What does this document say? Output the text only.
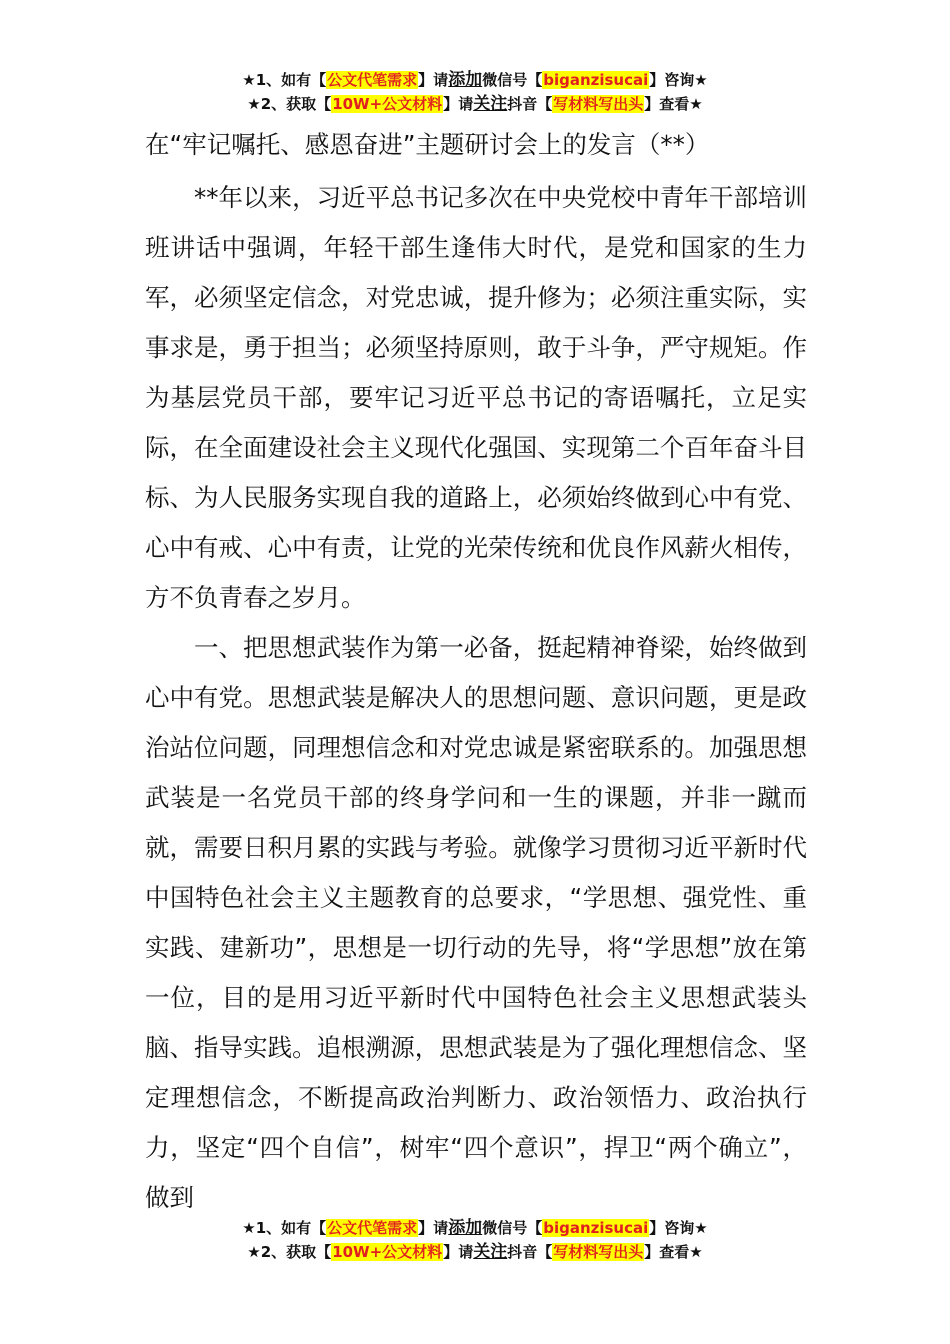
★1、如有【公文代笔需求】请添加微信号【biganzisucai】咨询★
★2、获取【10W+公文材料】请关注抖音【写材料写出头】查看★
在“牢记嘱托、感恩奋进”主题研讨会上的发言（**）

**年以来，习近平总书记多次在中央党校中青年干部培训班讲话中强调，年轻干部生逢伟大时代，是党和国家的生力军，必须坚定信念，对党忠诚，提升修为；必须注重实际，实事求是，勇于担当；必须坚持原则，敢于斗争，严守规矩。作为基层党员干部，要牢记习近平总书记的寄语嘱托，立足实际，在全面建设社会主义现代化强国、实现第二个百年奋斗目标、为人民服务实现自我的道路上，必须始终做到心中有党、心中有戒、心中有责，让党的光荣传统和优良作风薪火相传，方不负青春之岁月。

一、把思想武装作为第一必备，挺起精神脊梁，始终做到心中有党。思想武装是解决人的思想问题、意识问题，更是政治站位问题，同理想信念和对党忠诚是紧密联系的。加强思想武装是一名党员干部的终身学问和一生的课题，并非一蹴而就，需要日积月累的实践与考验。就像学习贯彻习近平新时代中国特色社会主义主题教育的总要求，“学思想、强党性、重实践、建新功”，思想是一切行动的先导，将“学思想”放在第一位，目的是用习近平新时代中国特色社会主义思想武装头脑、指导实践。追根溯源，思想武装是为了强化理想信念、坚定理想信念，不断提高政治判断力、政治领悟力、政治执行力，坚定“四个自信”，树牢“四个意识”，捍卫“两个确立”，做到

★1、如有【公文代笔需求】请添加微信号【biganzisucai】咨询★
★2、获取【10W+公文材料】请关注抖音【写材料写出头】查看★
